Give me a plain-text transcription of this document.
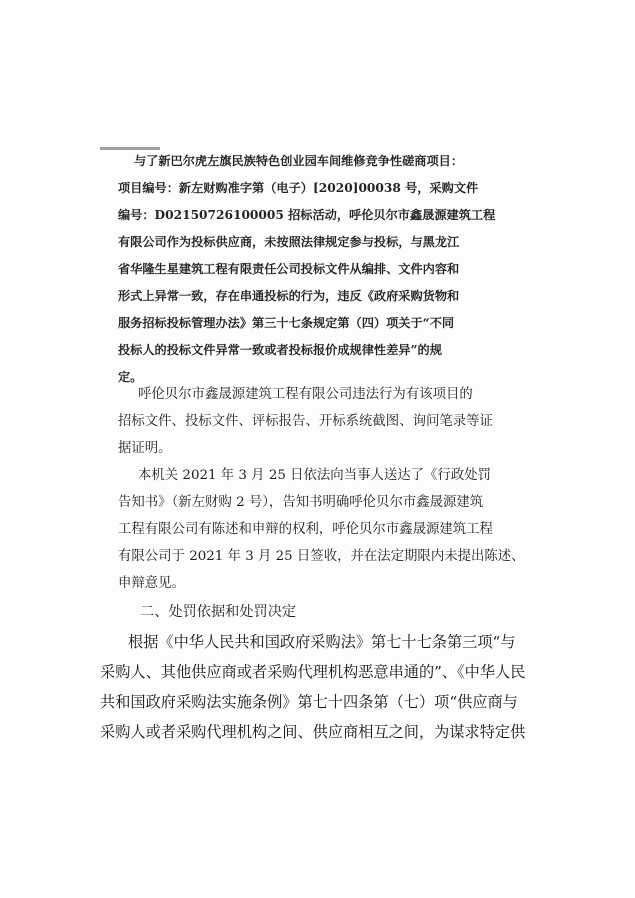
与了新巴尔虎左旗民族特色创业园车间维修竞争性磋商项目：
项目编号：新左财购准字第（电子）[2020]00038 号，采购文件
编号：D02150726100005 招标活动，呼伦贝尔市鑫晟源建筑工程
有限公司作为投标供应商，未按照法律规定参与投标，与黑龙江
省华隆生星建筑工程有限责任公司投标文件从编排、文件内容和
形式上异常一致，存在串通投标的行为，违反《政府采购货物和
服务招标投标管理办法》第三十七条规定第（四）项关于“不同
投标人的投标文件异常一致或者投标报价成规律性差异”的规
定。
呼伦贝尔市鑫晟源建筑工程有限公司违法行为有该项目的
招标文件、投标文件、评标报告、开标系统截图、询问笔录等证
据证明。
本机关 2021 年 3 月 25 日依法向当事人送达了《行政处罚
告知书》（新左财购 2 号），告知书明确呼伦贝尔市鑫晟源建筑
工程有限公司有陈述和申辩的权利，呼伦贝尔市鑫晟源建筑工程
有限公司于 2021 年 3 月 25 日签收，并在法定期限内未提出陈述、
申辩意见。
二、处罚依据和处罚决定
根据《中华人民共和国政府采购法》第七十七条第三项“与
采购人、其他供应商或者采购代理机构恶意串通的”、《中华人民
共和国政府采购法实施条例》第七十四条第（七）项“供应商与
采购人或者采购代理机构之间、供应商相互之间，为谋求特定供
